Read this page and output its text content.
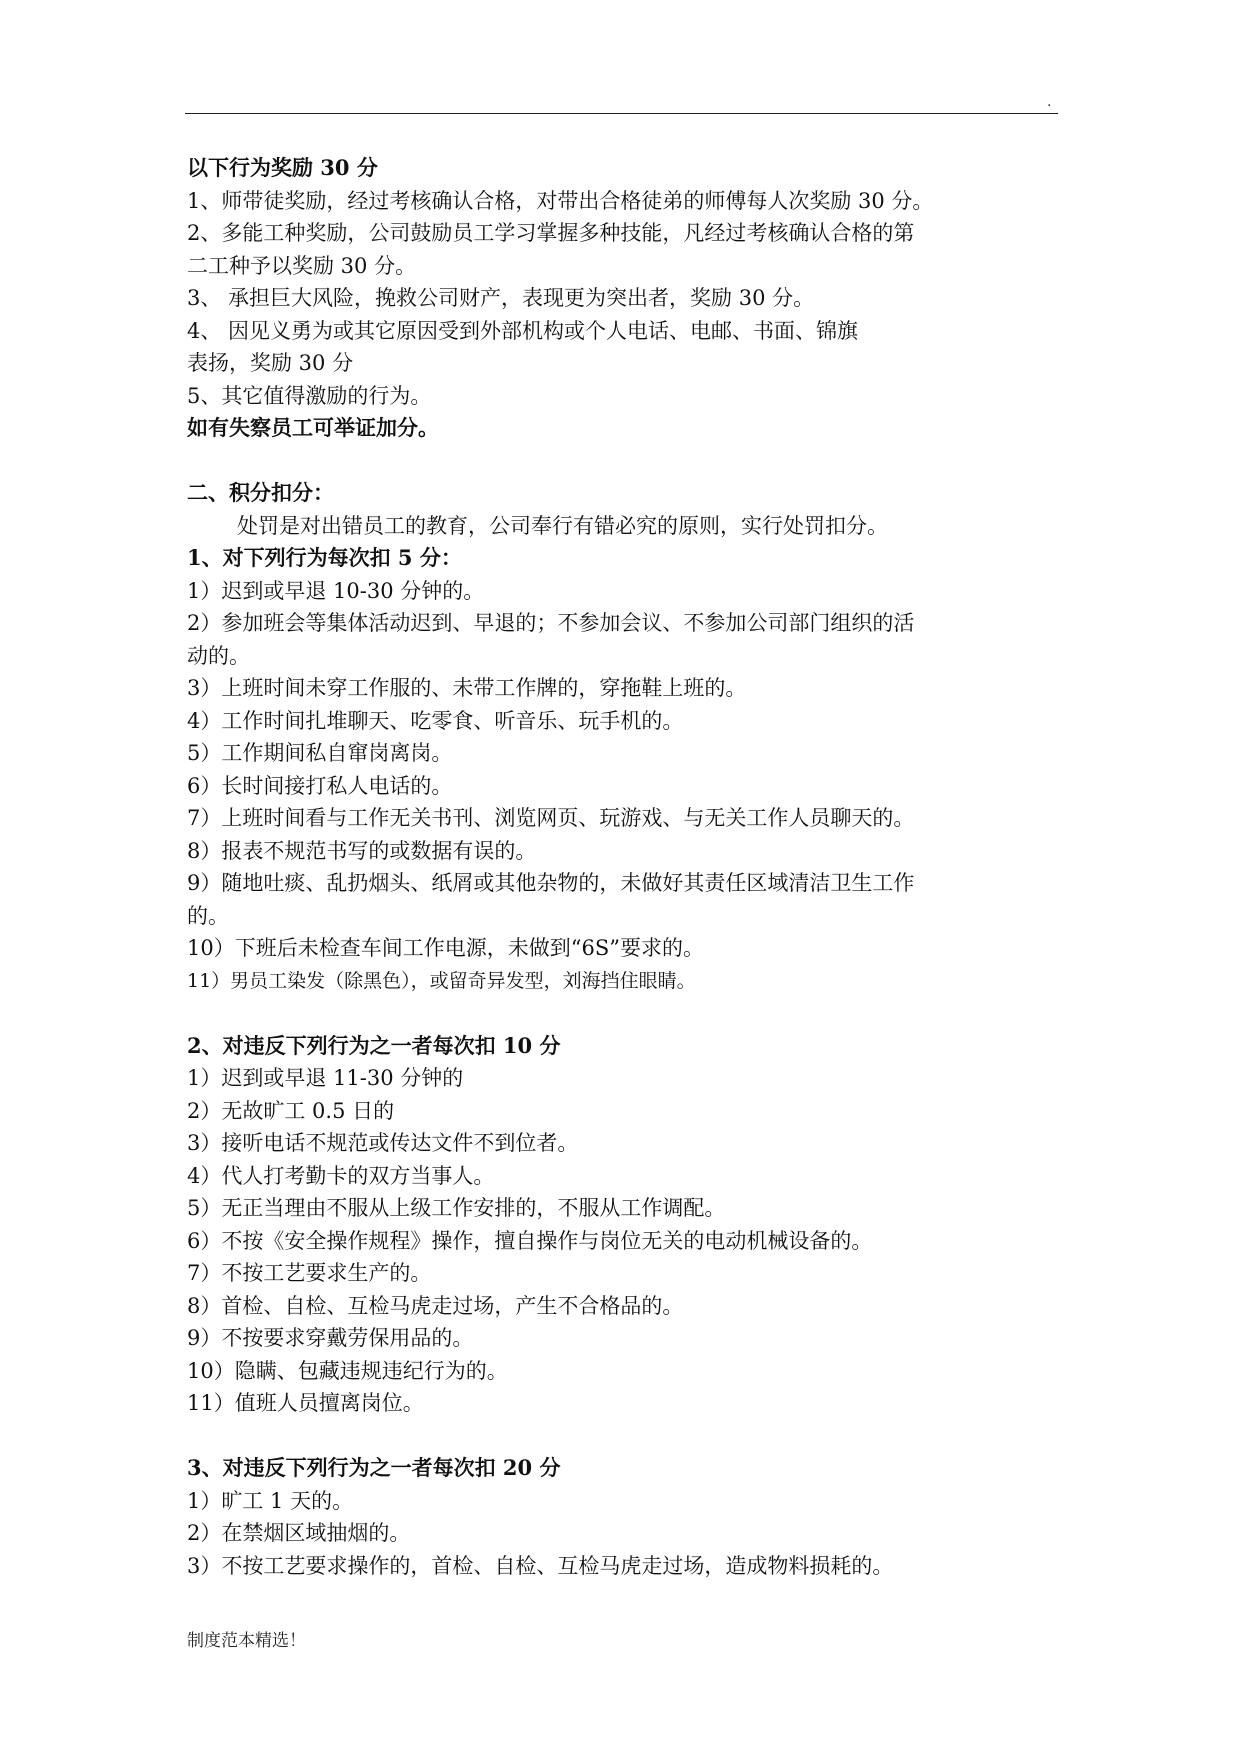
.

以下行为奖励 30 分

1、师带徒奖励，经过考核确认合格，对带出合格徒弟的师傅每人次奖励 30 分。

2、多能工种奖励，公司鼓励员工学习掌握多种技能，凡经过考核确认合格的第

二工种予以奖励 30 分。

3、 承担巨大风险，挽救公司财产，表现更为突出者，奖励 30 分。

4、 因见义勇为或其它原因受到外部机构或个人电话、电邮、书面、锦旗

表扬，奖励 30 分

5、其它值得激励的行为。

如有失察员工可举证加分。

二、积分扣分：

处罚是对出错员工的教育，公司奉行有错必究的原则，实行处罚扣分。

1、对下列行为每次扣 5 分：

1）迟到或早退 10-30 分钟的。

2）参加班会等集体活动迟到、早退的；不参加会议、不参加公司部门组织的活

动的。

3）上班时间未穿工作服的、未带工作牌的，穿拖鞋上班的。

4）工作时间扎堆聊天、吃零食、听音乐、玩手机的。

5）工作期间私自窜岗离岗。

6）长时间接打私人电话的。

7）上班时间看与工作无关书刊、浏览网页、玩游戏、与无关工作人员聊天的。

8）报表不规范书写的或数据有误的。

9）随地吐痰、乱扔烟头、纸屑或其他杂物的，未做好其责任区域清洁卫生工作

的。

10）下班后未检查车间工作电源，未做到“6S”要求的。

11）男员工染发（除黑色），或留奇异发型，刘海挡住眼睛。

2、对违反下列行为之一者每次扣 10 分

1）迟到或早退 11-30 分钟的

2）无故旷工 0.5 日的

3）接听电话不规范或传达文件不到位者。

4）代人打考勤卡的双方当事人。

5）无正当理由不服从上级工作安排的，不服从工作调配。

6）不按《安全操作规程》操作，擅自操作与岗位无关的电动机械设备的。

7）不按工艺要求生产的。

8）首检、自检、互检马虎走过场，产生不合格品的。

9）不按要求穿戴劳保用品的。

10）隐瞒、包藏违规违纪行为的。

11）值班人员擅离岗位。

3、对违反下列行为之一者每次扣 20 分

1）旷工 1 天的。

2）在禁烟区域抽烟的。

3）不按工艺要求操作的，首检、自检、互检马虎走过场，造成物料损耗的。

制度范本精选！
